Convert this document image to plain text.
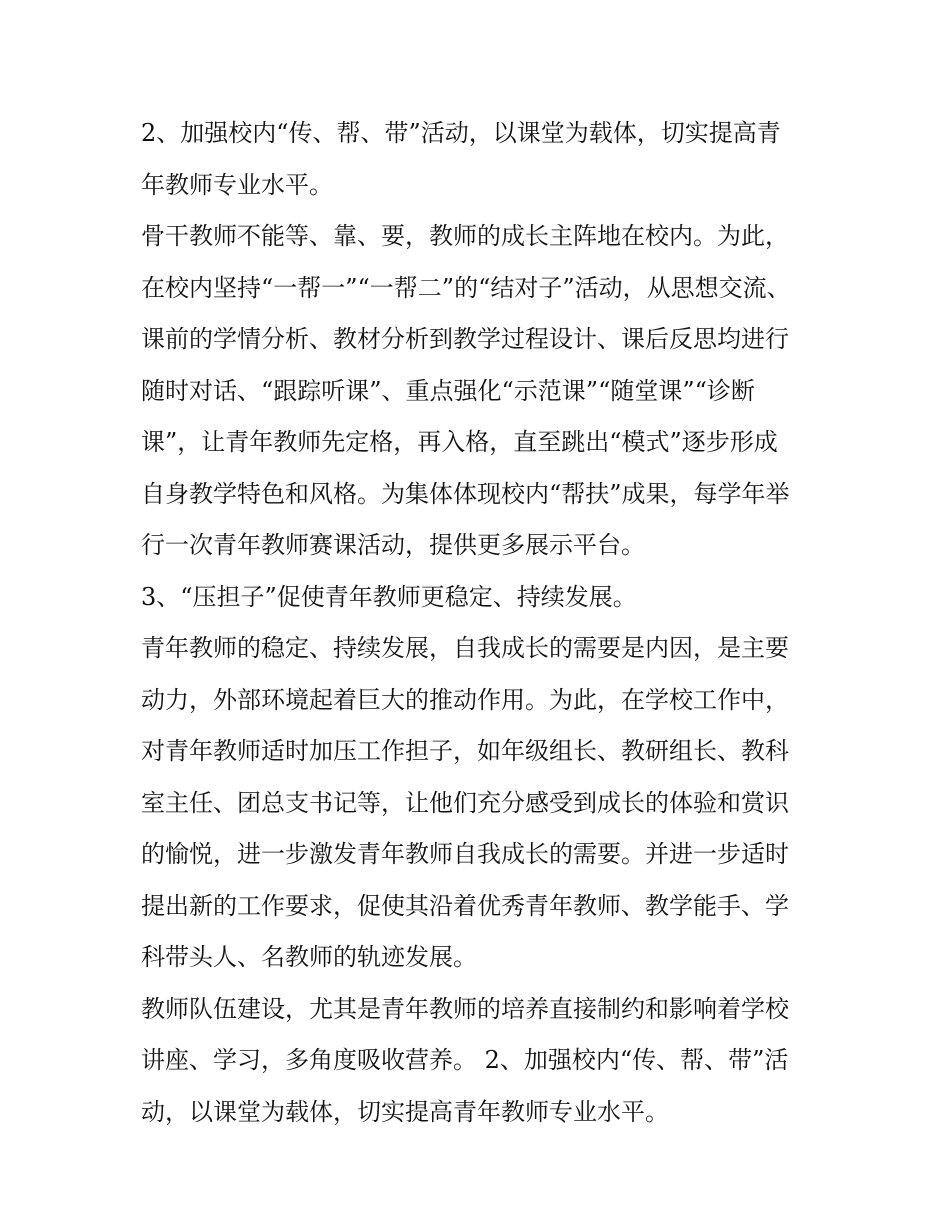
2、加强校内“传、帮、带”活动，以课堂为载体，切实提高青
年教师专业水平。
骨干教师不能等、靠、要，教师的成长主阵地在校内。为此，
在校内坚持“一帮一”“一帮二”的“结对子”活动，从思想交流、
课前的学情分析、教材分析到教学过程设计、课后反思均进行
随时对话、“跟踪听课”、重点强化“示范课”“随堂课”“诊断
课”，让青年教师先定格，再入格，直至跳出“模式”逐步形成
自身教学特色和风格。为集体体现校内“帮扶”成果，每学年举
行一次青年教师赛课活动，提供更多展示平台。
3、“压担子”促使青年教师更稳定、持续发展。
青年教师的稳定、持续发展，自我成长的需要是内因，是主要
动力，外部环境起着巨大的推动作用。为此，在学校工作中，
对青年教师适时加压工作担子，如年级组长、教研组长、教科
室主任、团总支书记等，让他们充分感受到成长的体验和赏识
的愉悦，进一步激发青年教师自我成长的需要。并进一步适时
提出新的工作要求，促使其沿着优秀青年教师、教学能手、学
科带头人、名教师的轨迹发展。
教师队伍建设，尤其是青年教师的培养直接制约和影响着学校
讲座、学习，多角度吸收营养。 2、加强校内“传、帮、带”活
动，以课堂为载体，切实提高青年教师专业水平。
